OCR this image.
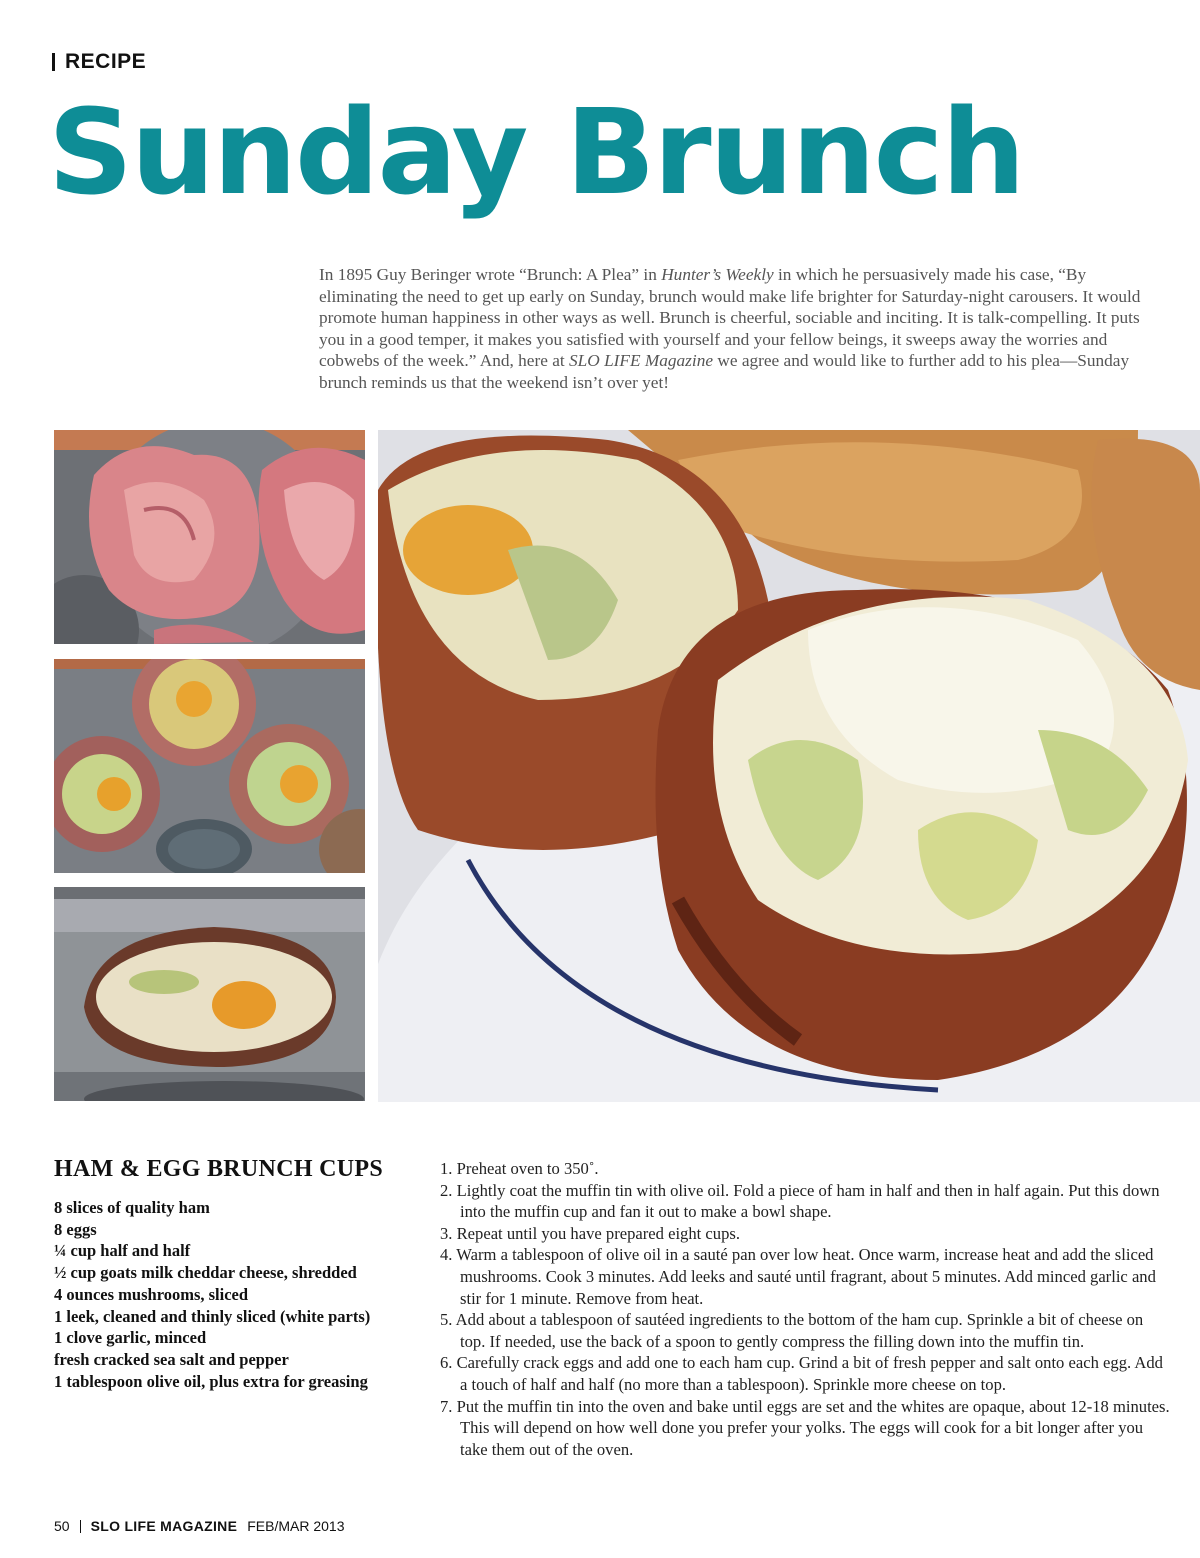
RECIPE
Sunday Brunch

In 1895 Guy Beringer wrote “Brunch: A Plea” in Hunter’s Weekly in which he persuasively made his case, “By eliminating the need to get up early on Sunday, brunch would make life brighter for Saturday-night carousers. It would promote human happiness in other ways as well. Brunch is cheerful, sociable and inciting. It is talk-compelling. It puts you in a good temper, it makes you satisfied with yourself and your fellow beings, it sweeps away the worries and cobwebs of the week.” And, here at SLO LIFE Magazine we agree and would like to further add to his plea—Sunday brunch reminds us that the weekend isn’t over yet!

HAM & EGG BRUNCH CUPS
8 slices of quality ham
8 eggs
¼ cup half and half
½ cup goats milk cheddar cheese, shredded
4 ounces mushrooms, sliced
1 leek, cleaned and thinly sliced (white parts)
1 clove garlic, minced
fresh cracked sea salt and pepper
1 tablespoon olive oil, plus extra for greasing
1. Preheat oven to 350˚.
2. Lightly coat the muffin tin with olive oil. Fold a piece of ham in half and then in half again. Put this down into the muffin cup and fan it out to make a bowl shape.
3. Repeat until you have prepared eight cups.
4. Warm a tablespoon of olive oil in a sauté pan over low heat. Once warm, increase heat and add the sliced mushrooms. Cook 3 minutes. Add leeks and sauté until fragrant, about 5 minutes. Add minced garlic and stir for 1 minute. Remove from heat.
5. Add about a tablespoon of sautéed ingredients to the bottom of the ham cup. Sprinkle a bit of cheese on top. If needed, use the back of a spoon to gently compress the filling down into the muffin tin.
6. Carefully crack eggs and add one to each ham cup. Grind a bit of fresh pepper and salt onto each egg. Add a touch of half and half (no more than a tablespoon). Sprinkle more cheese on top.
7. Put the muffin tin into the oven and bake until eggs are set and the whites are opaque, about 12-18 minutes. This will depend on how well done you prefer your yolks. The eggs will cook for a bit longer after you take them out of the oven.
50 SLO LIFE MAGAZINE FEB/MAR 2013
